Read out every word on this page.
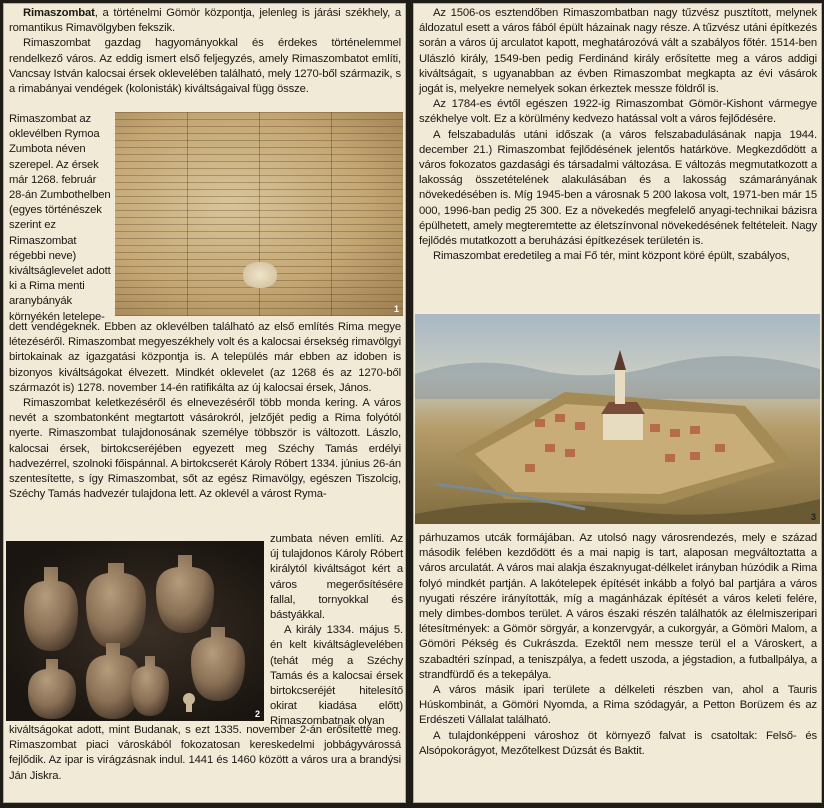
Rimaszombat, a történelmi Gömör központja, jelenleg is járási székhely, a romantikus Rimavölgyben fekszik.

Rimaszombat gazdag hagyományokkal és érdekes történelemmel rendelkező város. Az eddig ismert első feljegyzés, amely Rimaszombatot említi, Vancsay István kalocsai érsek oklevelében található, mely 1270-ből származik, s a rimabányai vendégek (kolonisták) kiváltságaival függ össze.

Rimaszombat az oklevélben Rymoa Zumbota néven szerepel. Az érsek már 1268. február 28-án Zumbothelben (egyes történészek szerint ez Rimaszombat régebbi neve) kiváltságlevelet adott ki a Rima menti aranybányák környékén letelepe-

1

dett vendégeknek. Ebben az oklevélben található az első említés Rima megye létezéséről. Rimaszombat megyeszékhely volt és a kalocsai érsekség rimavölgyi birtokainak az igazgatási központja is. A település már ebben az idoben is bizonyos kiváltságokat élvezett. Mindkét oklevelet (az 1268 és az 1270-ből származót is) 1278. november 14-én ratifikálta az új kalocsai érsek, János.

Rimaszombat keletkezéséről és elnevezéséről több monda kering. A város nevét a szombatonként megtartott vásárokról, jelzőjét pedig a Rima folyótól nyerte. Rimaszombat tulajdonosának személye többször is változott. Lászlo, kalocsai érsek, birtokcseréjében egyezett meg Széchy Tamás erdélyi hadvezérrel, szolnoki főispánnal. A birtokcserét Károly Róbert 1334. június 26-án szentesítette, s így Rimaszombat, sőt az egész Rimavölgy, egészen Tiszolcig, Széchy Tamás hadvezér tulajdona lett. Az oklevél a várost Ryma-

2

zumbata néven említi. Az új tulajdonos Károly Róbert királytól kiváltságot kért a város megerősítésére fallal, tornyokkal és bástyákkal.

A király 1334. május 5. én kelt kiváltságlevelében (tehát még a Széchy Tamás és a kalocsai érsek birtokcseréjét hitelesítő okirat kiadása előtt) Rimaszombatnak olyan

kiváltságokat adott, mint Budanak, s ezt 1335. november 2-án erősítette meg. Rimaszombat piaci városkából fokozatosan kereskedelmi jobbágyvárossá fejlődik. Az ipar is virágzásnak indul. 1441 és 1460 között a város ura a brandýsi Ján Jiskra.

Az 1506-os esztendőben Rimaszombatban nagy tűzvész pusztított, melynek áldozatul esett a város fából épült házainak nagy része. A tűzvész utáni építkezés során a város új arculatot kapott, meghatározóvá vált a szabályos főtér. 1514-ben Ulászló király, 1549-ben pedig Ferdinánd király erősítette meg a város addigi kiváltságait, s ugyanabban az évben Rimaszombat megkapta az évi vásárok jogát is, melyekre nemelyek sokan érkeztek messze földről is.

Az 1784-es évtől egészen 1922-ig Rimaszombat Gömör-Kishont vármegye székhelye volt. Ez a körülmény kedvezo hatással volt a város fejlődésére.

A felszabadulás utáni időszak (a város felszabadulásának napja 1944. december 21.) Rimaszombat fejlődésének jelentős határköve. Megkezdődött a város fokozatos gazdasági és társadalmi változása. E változás megmutatkozott a lakosság összetételének alakulásában és a lakosság számarányának növekedésében is. Míg 1945-ben a városnak 5 200 lakosa volt, 1971-ben már 15 000, 1996-ban pedig 25 300. Ez a növekedés megfelelő anyagi-technikai bázisra épülhetett, amely megteremtette az életszínvonal növekedésének feltételeit. Nagy fejlődés mutatkozott a beruházási építkezések területén is.

Rimaszombat eredetileg a mai Fő tér, mint központ köré épült, szabályos,

3

párhuzamos utcák formájában. Az utolsó nagy városrendezés, mely e század második felében kezdődött és a mai napig is tart, alaposan megváltoztatta a város arculatát. A város mai alakja északnyugat-délkelet irányban húzódik a Rima folyó mindkét partján. A lakótelepek építését inkább a folyó bal partjára a város nyugati részére irányították, míg a magánházak építését a város keleti felére, mely dimbes-dombos terület. A város északi részén találhatók az élelmiszeripari létesítmények: a Gömör sörgyár, a konzervgyár, a cukorgyár, a Gömöri Malom, a Gömöri Pékség és Cukrászda. Ezektől nem messze terül el a Városkert, a szabadtéri színpad, a teniszpálya, a fedett uszoda, a jégstadion, a futballpálya, a strandfürdő és a tekepálya.

A város másik ipari területe a délkeleti részben van, ahol a Tauris Húskombinát, a Gömöri Nyomda, a Rima szódagyár, a Petton Borüzem és az Erdészeti Vállalat található.

A tulajdonképpeni városhoz öt környező falvat is csatoltak: Felső- és Alsópokorágyot, Mezőtelkest Dúzsát és Baktit.
